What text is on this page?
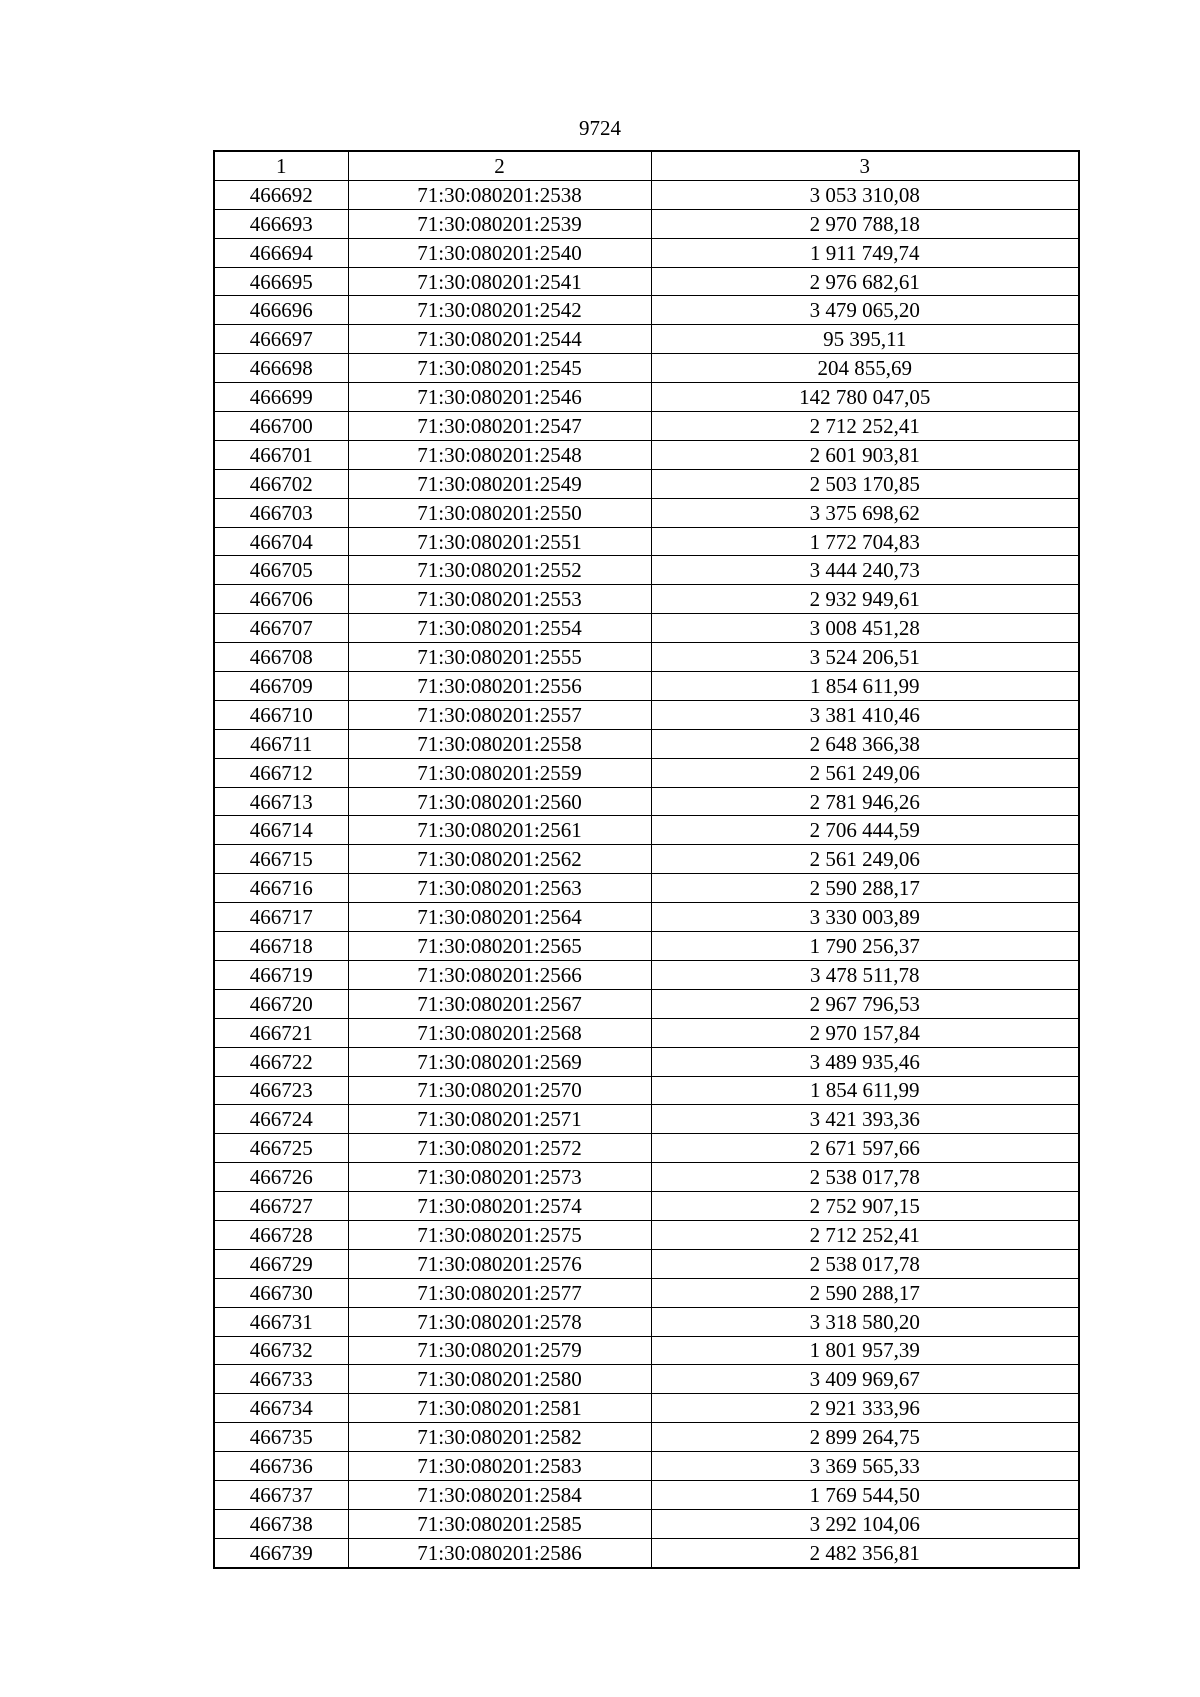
9724
1	2	3
466692	71:30:080201:2538	3 053 310,08
466693	71:30:080201:2539	2 970 788,18
466694	71:30:080201:2540	1 911 749,74
466695	71:30:080201:2541	2 976 682,61
466696	71:30:080201:2542	3 479 065,20
466697	71:30:080201:2544	95 395,11
466698	71:30:080201:2545	204 855,69
466699	71:30:080201:2546	142 780 047,05
466700	71:30:080201:2547	2 712 252,41
466701	71:30:080201:2548	2 601 903,81
466702	71:30:080201:2549	2 503 170,85
466703	71:30:080201:2550	3 375 698,62
466704	71:30:080201:2551	1 772 704,83
466705	71:30:080201:2552	3 444 240,73
466706	71:30:080201:2553	2 932 949,61
466707	71:30:080201:2554	3 008 451,28
466708	71:30:080201:2555	3 524 206,51
466709	71:30:080201:2556	1 854 611,99
466710	71:30:080201:2557	3 381 410,46
466711	71:30:080201:2558	2 648 366,38
466712	71:30:080201:2559	2 561 249,06
466713	71:30:080201:2560	2 781 946,26
466714	71:30:080201:2561	2 706 444,59
466715	71:30:080201:2562	2 561 249,06
466716	71:30:080201:2563	2 590 288,17
466717	71:30:080201:2564	3 330 003,89
466718	71:30:080201:2565	1 790 256,37
466719	71:30:080201:2566	3 478 511,78
466720	71:30:080201:2567	2 967 796,53
466721	71:30:080201:2568	2 970 157,84
466722	71:30:080201:2569	3 489 935,46
466723	71:30:080201:2570	1 854 611,99
466724	71:30:080201:2571	3 421 393,36
466725	71:30:080201:2572	2 671 597,66
466726	71:30:080201:2573	2 538 017,78
466727	71:30:080201:2574	2 752 907,15
466728	71:30:080201:2575	2 712 252,41
466729	71:30:080201:2576	2 538 017,78
466730	71:30:080201:2577	2 590 288,17
466731	71:30:080201:2578	3 318 580,20
466732	71:30:080201:2579	1 801 957,39
466733	71:30:080201:2580	3 409 969,67
466734	71:30:080201:2581	2 921 333,96
466735	71:30:080201:2582	2 899 264,75
466736	71:30:080201:2583	3 369 565,33
466737	71:30:080201:2584	1 769 544,50
466738	71:30:080201:2585	3 292 104,06
466739	71:30:080201:2586	2 482 356,81
